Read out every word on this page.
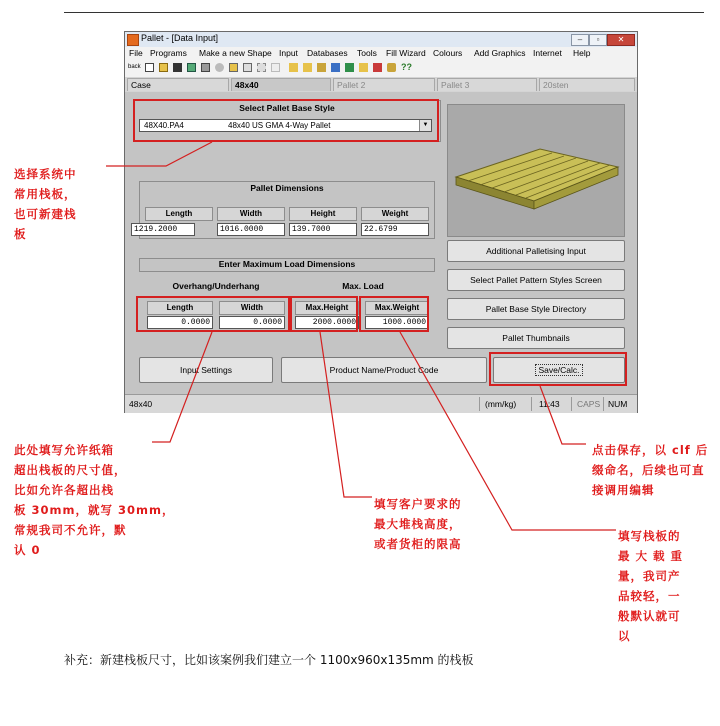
Pallet - [Data Input]	–	▫	✕
File Programs Make a new Shape Input Databases Tools Fill Wizard Colours Add Graphics Internet Help
back	??
Case	48x40	Pallet 2	Pallet 3	20sten
Select Pallet Base Style
48X40.PA4	48x40 US GMA 4-Way Pallet	▼
Pallet Dimensions
Length	Width	Height	Weight
1219.2000	1016.0000	139.7000	22.6799
Enter Maximum Load Dimensions
Overhang/Underhang	Max. Load
Length	Width	Max.Height	Max.Weight
0.0000	0.0000	2000.0000	1000.0000
Additional Palletising Input
Select Pallet Pattern Styles Screen
Pallet Base Style Directory
Pallet Thumbnails
Input Settings	Product Name/Product Code	Save/Calc.
48x40	(mm/kg)	11:43 CAPS NUM
选择系统中
常用栈板，
也可新建栈
板
此处填写允许纸箱
超出栈板的尺寸值，
比如允许各超出栈
板 30mm，就写 30mm，
常规我司不允许，默
认 0
填写客户要求的
最大堆栈高度，
或者货柜的限高
点击保存，以 clf 后
缀命名，后续也可直
接调用编辑
填写栈板的
最 大 载 重
量，我司产
品较轻，一
般默认就可
以
补充：新建栈板尺寸，比如该案例我们建立一个 1100x960x135mm 的栈板
